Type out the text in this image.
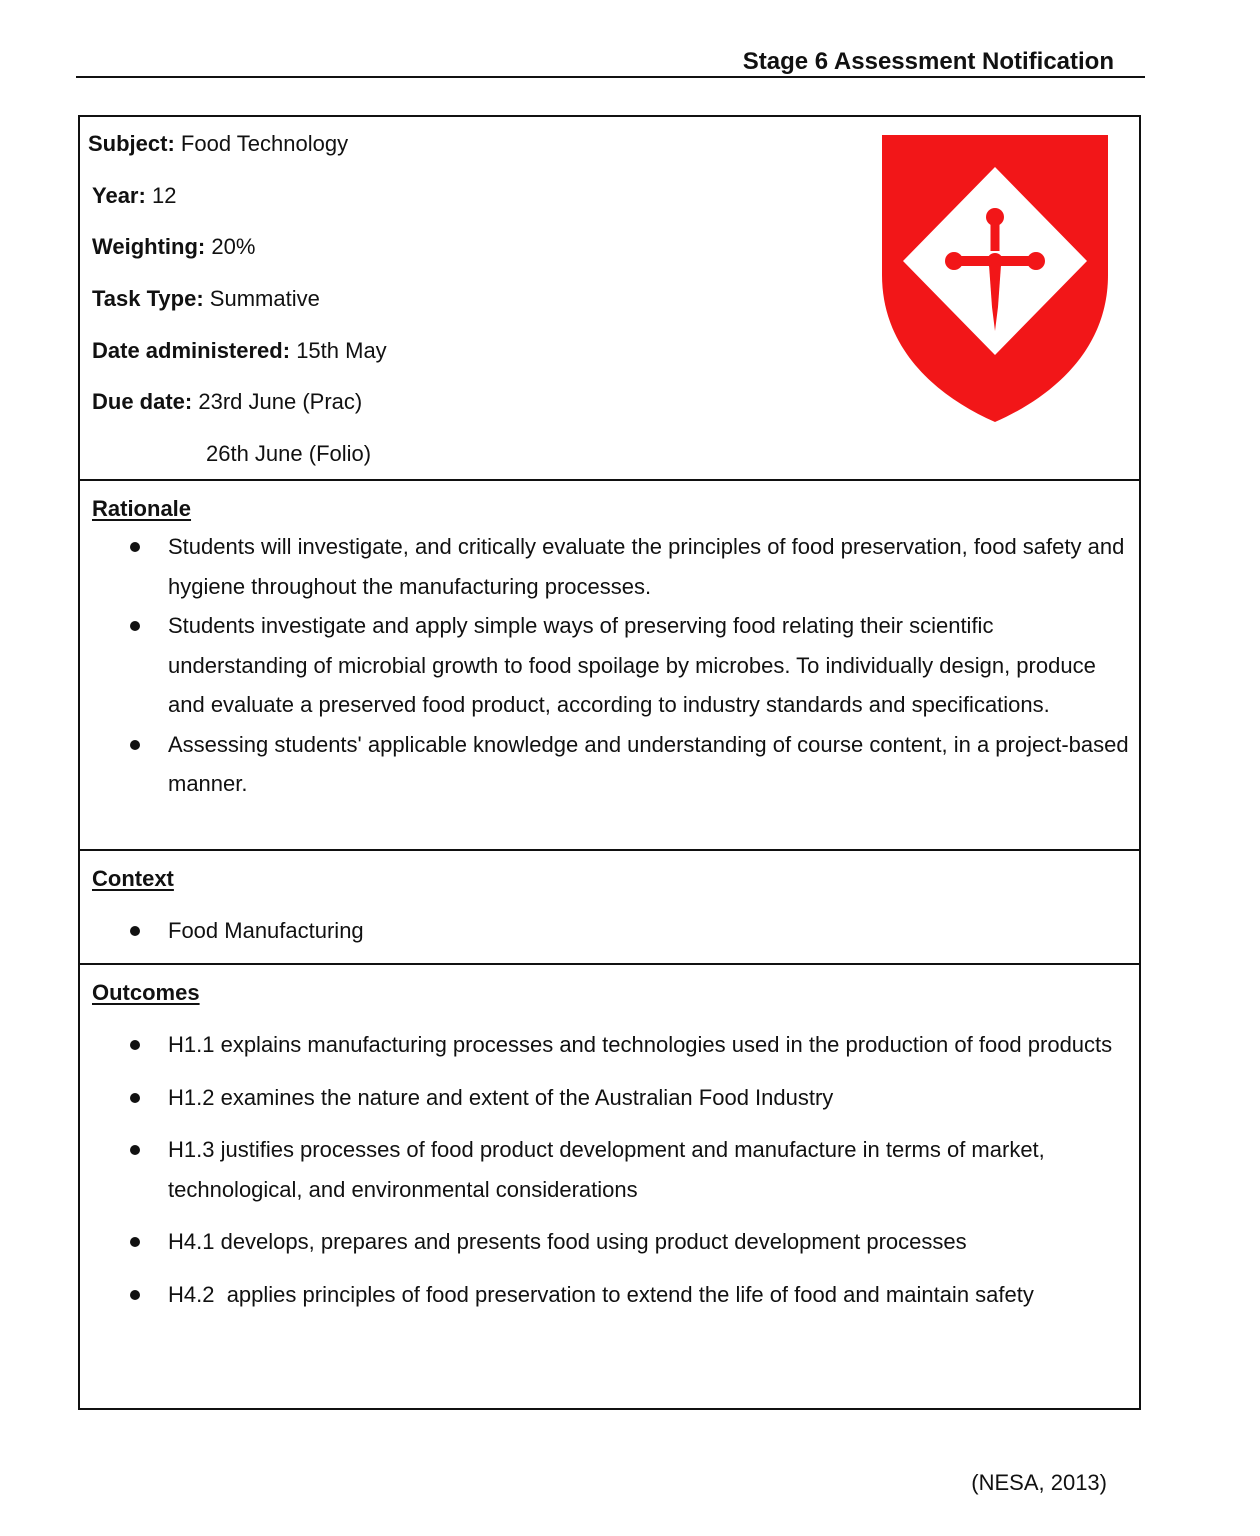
Stage 6 Assessment Notification
Subject: Food Technology
Year: 12
Weighting: 20%
Task Type: Summative
Date administered: 15th May
Due date: 23rd June (Prac)
26th June (Folio)
Rationale
Students will investigate, and critically evaluate the principles of food preservation, food safety and hygiene throughout the manufacturing processes.
Students investigate and apply simple ways of preserving food relating their scientific understanding of microbial growth to food spoilage by microbes. To individually design, produce and evaluate a preserved food product, according to industry standards and specifications.
Assessing students' applicable knowledge and understanding of course content, in a project-based manner.
Context
Food Manufacturing
Outcomes
H1.1 explains manufacturing processes and technologies used in the production of food products
H1.2 examines the nature and extent of the Australian Food Industry
H1.3 justifies processes of food product development and manufacture in terms of market, technological, and environmental considerations
H4.1 develops, prepares and presents food using product development processes
H4.2  applies principles of food preservation to extend the life of food and maintain safety
(NESA, 2013)
